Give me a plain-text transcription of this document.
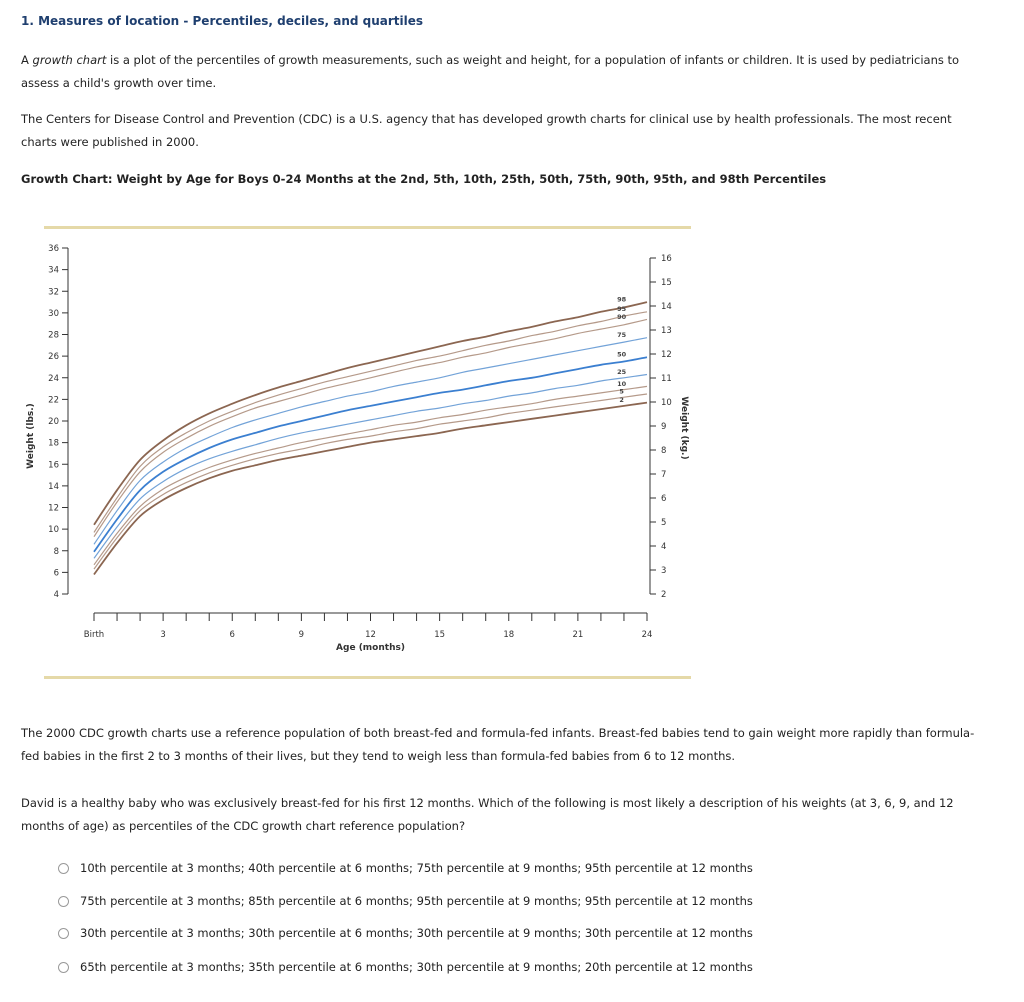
1. Measures of location - Percentiles, deciles, and quartiles

A growth chart is a plot of the percentiles of growth measurements, such as weight and height, for a population of infants or children. It is used by pediatricians to assess a child's growth over time.

The Centers for Disease Control and Prevention (CDC) is a U.S. agency that has developed growth charts for clinical use by health professionals. The most recent charts were published in 2000.

Growth Chart: Weight by Age for Boys 0-24 Months at the 2nd, 5th, 10th, 25th, 50th, 75th, 90th, 95th, and 98th Percentiles
4
6
8
10
12
14
16
18
20
22
24
26
28
30
32
34
36
Weight (lbs.)
2
3
4
5
6
7
8
9
10
11
12
13
14
15
16
Weight (kg.)
Birth	3	6	9	12	15	18	21	24
Age (months)
98
95
90
75
50
25
10
5
2

The 2000 CDC growth charts use a reference population of both breast-fed and formula-fed infants. Breast-fed babies tend to gain weight more rapidly than formula-fed babies in the first 2 to 3 months of their lives, but they tend to weigh less than formula-fed babies from 6 to 12 months.

David is a healthy baby who was exclusively breast-fed for his first 12 months. Which of the following is most likely a description of his weights (at 3, 6, 9, and 12 months of age) as percentiles of the CDC growth chart reference population?

10th percentile at 3 months; 40th percentile at 6 months; 75th percentile at 9 months; 95th percentile at 12 months
75th percentile at 3 months; 85th percentile at 6 months; 95th percentile at 9 months; 95th percentile at 12 months
30th percentile at 3 months; 30th percentile at 6 months; 30th percentile at 9 months; 30th percentile at 12 months
65th percentile at 3 months; 35th percentile at 6 months; 30th percentile at 9 months; 20th percentile at 12 months
